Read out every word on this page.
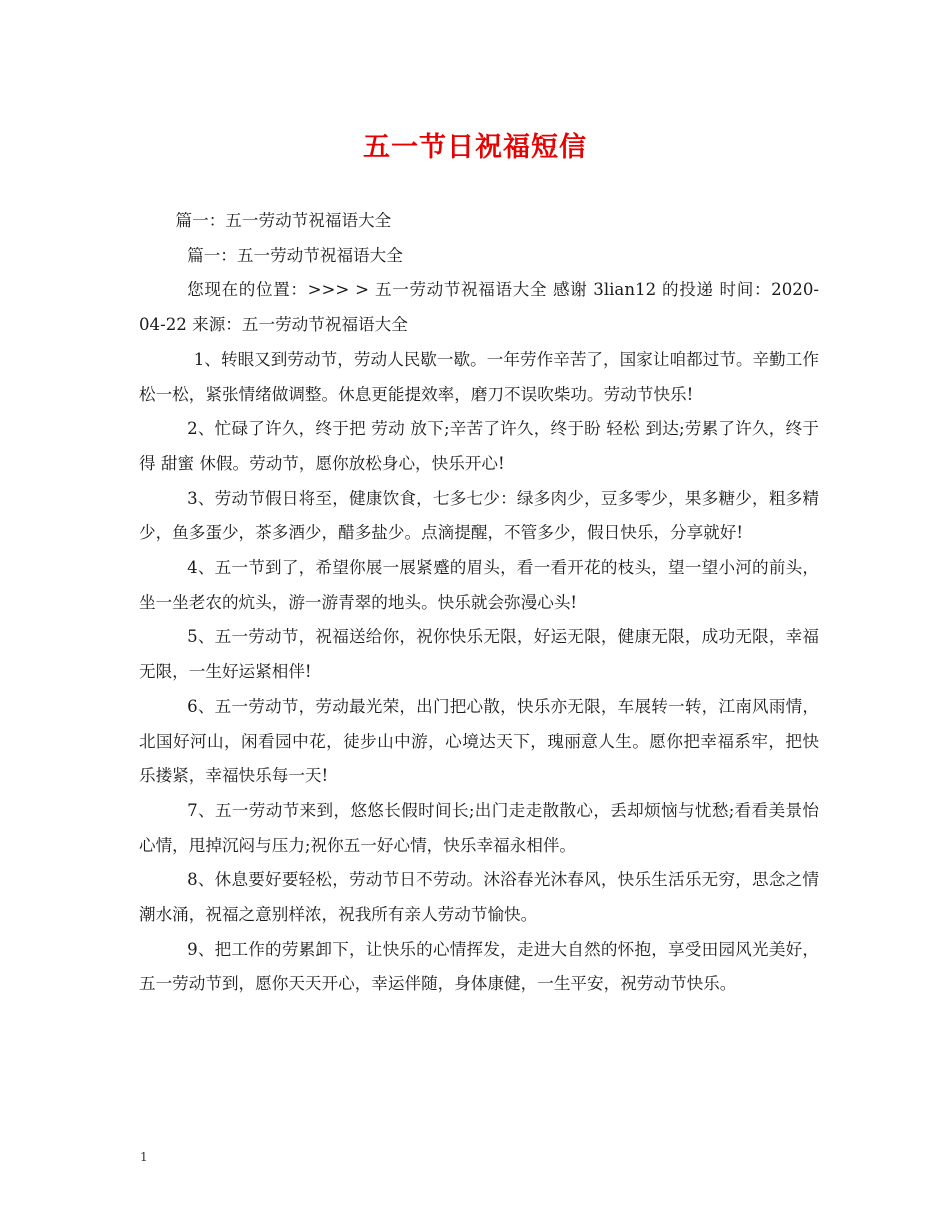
五一节日祝福短信

篇一：五一劳动节祝福语大全

篇一：五一劳动节祝福语大全

您现在的位置：>>> > 五一劳动节祝福语大全 感谢 3lian12 的投递 时间：2020-04-22 来源：五一劳动节祝福语大全

1、转眼又到劳动节，劳动人民歇一歇。一年劳作辛苦了，国家让咱都过节。辛勤工作松一松，紧张情绪做调整。休息更能提效率，磨刀不误吹柴功。劳动节快乐!

2、忙碌了许久，终于把 劳动 放下;辛苦了许久，终于盼 轻松 到达;劳累了许久，终于得 甜蜜 休假。劳动节，愿你放松身心，快乐开心!

3、劳动节假日将至，健康饮食，七多七少：绿多肉少，豆多零少，果多糖少，粗多精少，鱼多蛋少，茶多酒少，醋多盐少。点滴提醒，不管多少，假日快乐，分享就好!

4、五一节到了，希望你展一展紧蹙的眉头，看一看开花的枝头，望一望小河的前头，坐一坐老农的炕头，游一游青翠的地头。快乐就会弥漫心头!

5、五一劳动节，祝福送给你，祝你快乐无限，好运无限，健康无限，成功无限，幸福无限，一生好运紧相伴!

6、五一劳动节，劳动最光荣，出门把心散，快乐亦无限，车展转一转，江南风雨情，北国好河山，闲看园中花，徒步山中游，心境达天下，瑰丽意人生。愿你把幸福系牢，把快乐搂紧，幸福快乐每一天!

7、五一劳动节来到，悠悠长假时间长;出门走走散散心，丢却烦恼与忧愁;看看美景怡心情，甩掉沉闷与压力;祝你五一好心情，快乐幸福永相伴。

8、休息要好要轻松，劳动节日不劳动。沐浴春光沐春风，快乐生活乐无穷，思念之情潮水涌，祝福之意别样浓，祝我所有亲人劳动节愉快。

9、把工作的劳累卸下，让快乐的心情挥发，走进大自然的怀抱，享受田园风光美好，五一劳动节到，愿你天天开心，幸运伴随，身体康健，一生平安，祝劳动节快乐。

1
